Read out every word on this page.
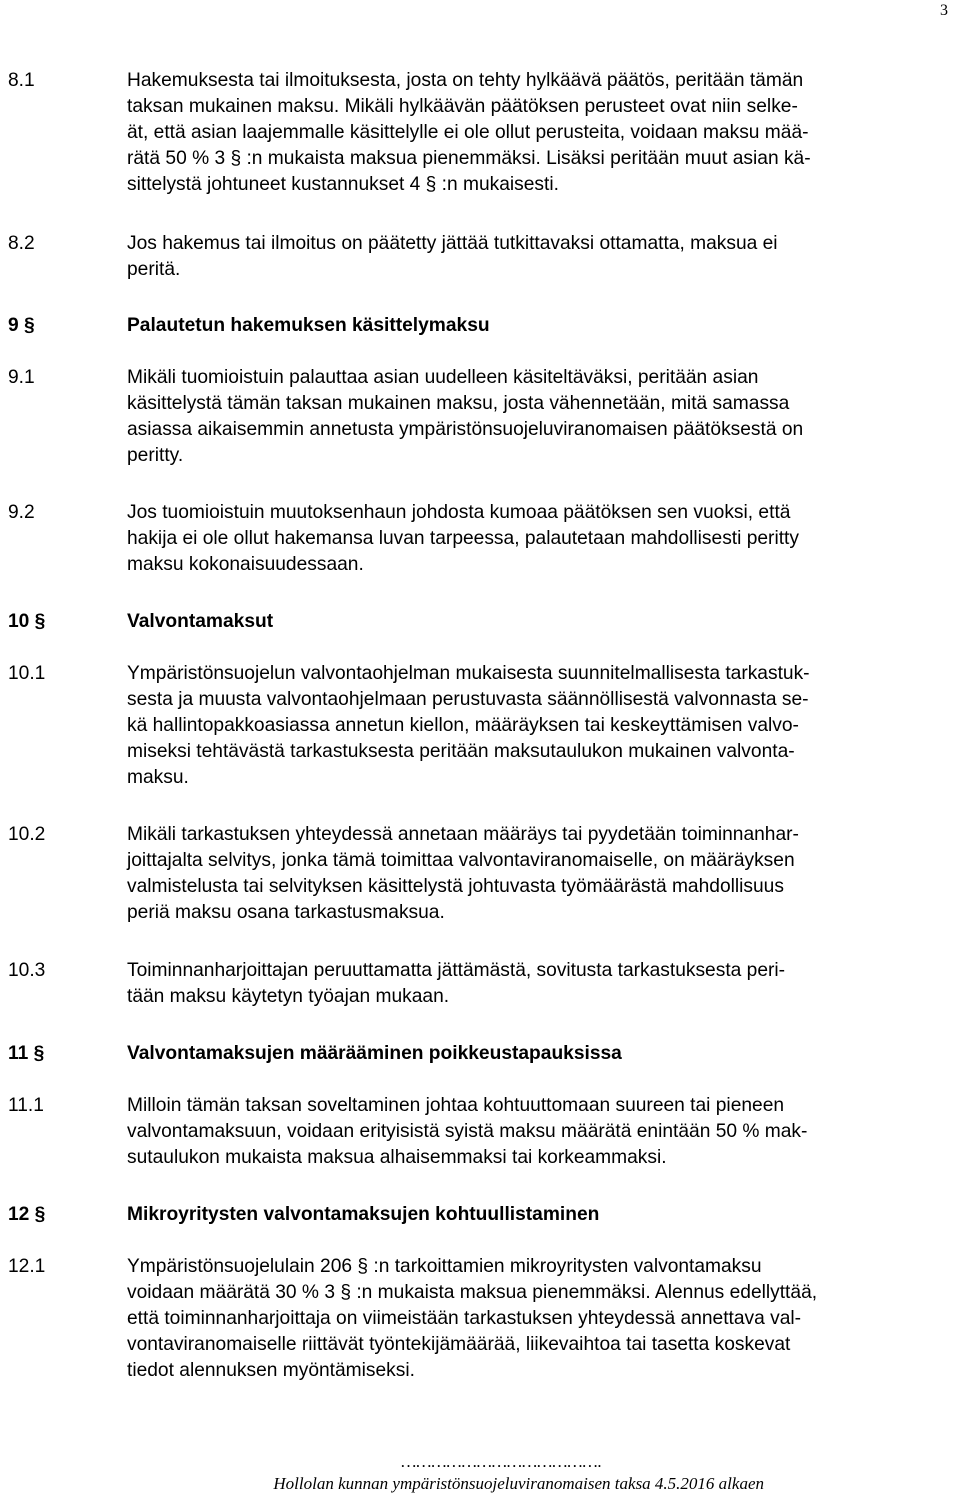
3
8.1	Hakemuksesta tai ilmoituksesta, josta on tehty hylkäävä päätös, peritään tämän
taksan mukainen maksu. Mikäli hylkäävän päätöksen perusteet ovat niin selke-
ät, että asian laajemmalle käsittelylle ei ole ollut perusteita, voidaan maksu mää-
rätä 50 % 3 § :n mukaista maksua pienemmäksi. Lisäksi peritään muut asian kä-
sittelystä johtuneet kustannukset 4 § :n mukaisesti.
8.2	Jos hakemus tai ilmoitus on päätetty jättää tutkittavaksi ottamatta, maksua ei
peritä.
9 §	Palautetun hakemuksen käsittelymaksu
9.1	Mikäli tuomioistuin palauttaa asian uudelleen käsiteltäväksi, peritään asian
käsittelystä tämän taksan mukainen maksu, josta vähennetään, mitä samassa
asiassa aikaisemmin annetusta ympäristönsuojeluviranomaisen päätöksestä on
peritty.
9.2	Jos tuomioistuin muutoksenhaun johdosta kumoaa päätöksen sen vuoksi, että
hakija ei ole ollut hakemansa luvan tarpeessa, palautetaan mahdollisesti peritty
maksu kokonaisuudessaan.
10 §	Valvontamaksut
10.1	Ympäristönsuojelun valvontaohjelman mukaisesta suunnitelmallisesta tarkastuk-
sesta ja muusta valvontaohjelmaan perustuvasta säännöllisestä valvonnasta se-
kä hallintopakkoasiassa annetun kiellon, määräyksen tai keskeyttämisen valvo-
miseksi tehtävästä tarkastuksesta peritään maksutaulukon mukainen valvonta-
maksu.
10.2	Mikäli tarkastuksen yhteydessä annetaan määräys tai pyydetään toiminnanhar-
joittajalta selvitys, jonka tämä toimittaa valvontaviranomaiselle, on määräyksen
valmistelusta tai selvityksen käsittelystä johtuvasta työmäärästä mahdollisuus
periä maksu osana tarkastusmaksua.
10.3	Toiminnanharjoittajan peruuttamatta jättämästä, sovitusta tarkastuksesta peri-
tään maksu käytetyn työajan mukaan.
11 §	Valvontamaksujen määrääminen poikkeustapauksissa
11.1	Milloin tämän taksan soveltaminen johtaa kohtuuttomaan suureen tai pieneen
valvontamaksuun, voidaan erityisistä syistä maksu määrätä enintään 50 % mak-
sutaulukon mukaista maksua alhaisemmaksi tai korkeammaksi.
12 §	Mikroyritysten valvontamaksujen kohtuullistaminen
12.1	Ympäristönsuojelulain 206 § :n tarkoittamien mikroyritysten valvontamaksu
voidaan määrätä 30 % 3 § :n mukaista maksua pienemmäksi. Alennus edellyttää,
että toiminnanharjoittaja on viimeistään tarkastuksen yhteydessä annettava val-
vontaviranomaiselle riittävät työntekijämäärää, liikevaihtoa tai tasetta koskevat
tiedot alennuksen myöntämiseksi.
………………………………….
Hollolan kunnan ympäristönsuojeluviranomaisen taksa 4.5.2016 alkaen
